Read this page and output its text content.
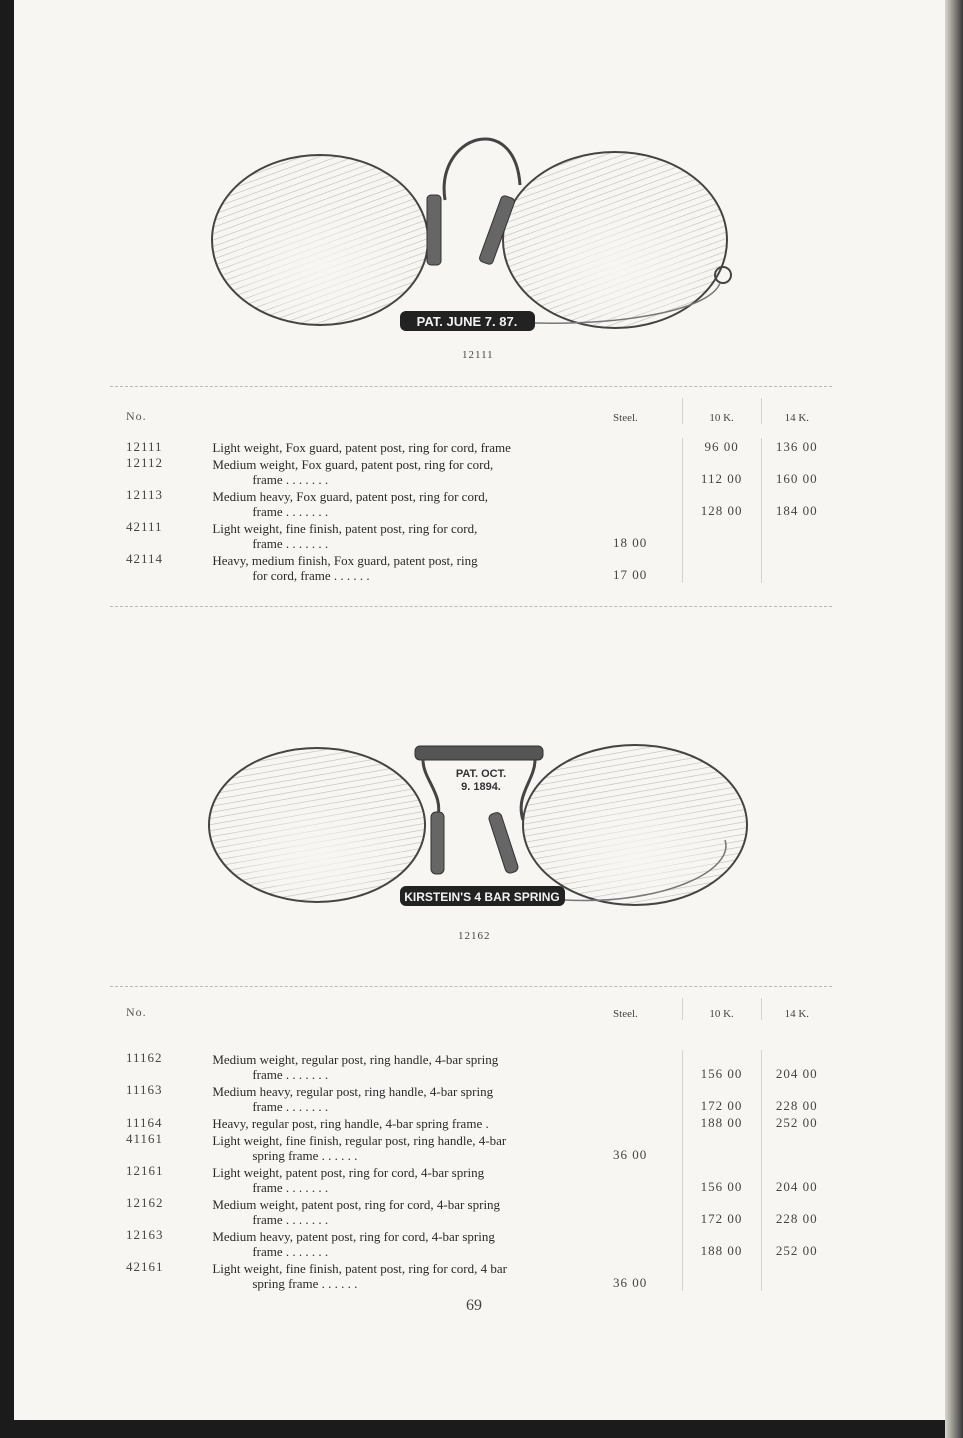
PAT. JUNE 7. 87.
12111
No.		Steel.	10 K.	14 K.

12111	Light weight, Fox guard, patent post, ring for cord, frame		96 00	136 00
12112	Medium weight, Fox guard, patent post, ring for cord,
frame . . . . . . .		112 00	160 00
12113	Medium heavy, Fox guard, patent post, ring for cord,
frame . . . . . . .		128 00	184 00
42111	Light weight, fine finish, patent post, ring for cord,
frame . . . . . . .	18 00		
42114	Heavy, medium finish, Fox guard, patent post, ring
for cord, frame . . . . . .	17 00		
PAT. OCT.
9. 1894.
KIRSTEIN'S 4 BAR SPRING
12162
No.		Steel.	10 K.	14 K.

11162	Medium weight, regular post, ring handle, 4-bar spring
frame . . . . . . .		156 00	204 00
11163	Medium heavy, regular post, ring handle, 4-bar spring
frame . . . . . . .		172 00	228 00
11164	Heavy, regular post, ring handle, 4-bar spring frame .		188 00	252 00
41161	Light weight, fine finish, regular post, ring handle, 4-bar
spring frame . . . . . .	36 00		
12161	Light weight, patent post, ring for cord, 4-bar spring
frame . . . . . . .		156 00	204 00
12162	Medium weight, patent post, ring for cord, 4-bar spring
frame . . . . . . .		172 00	228 00
12163	Medium heavy, patent post, ring for cord, 4-bar spring
frame . . . . . . .		188 00	252 00
42161	Light weight, fine finish, patent post, ring for cord, 4 bar
spring frame . . . . . .	36 00		
69
